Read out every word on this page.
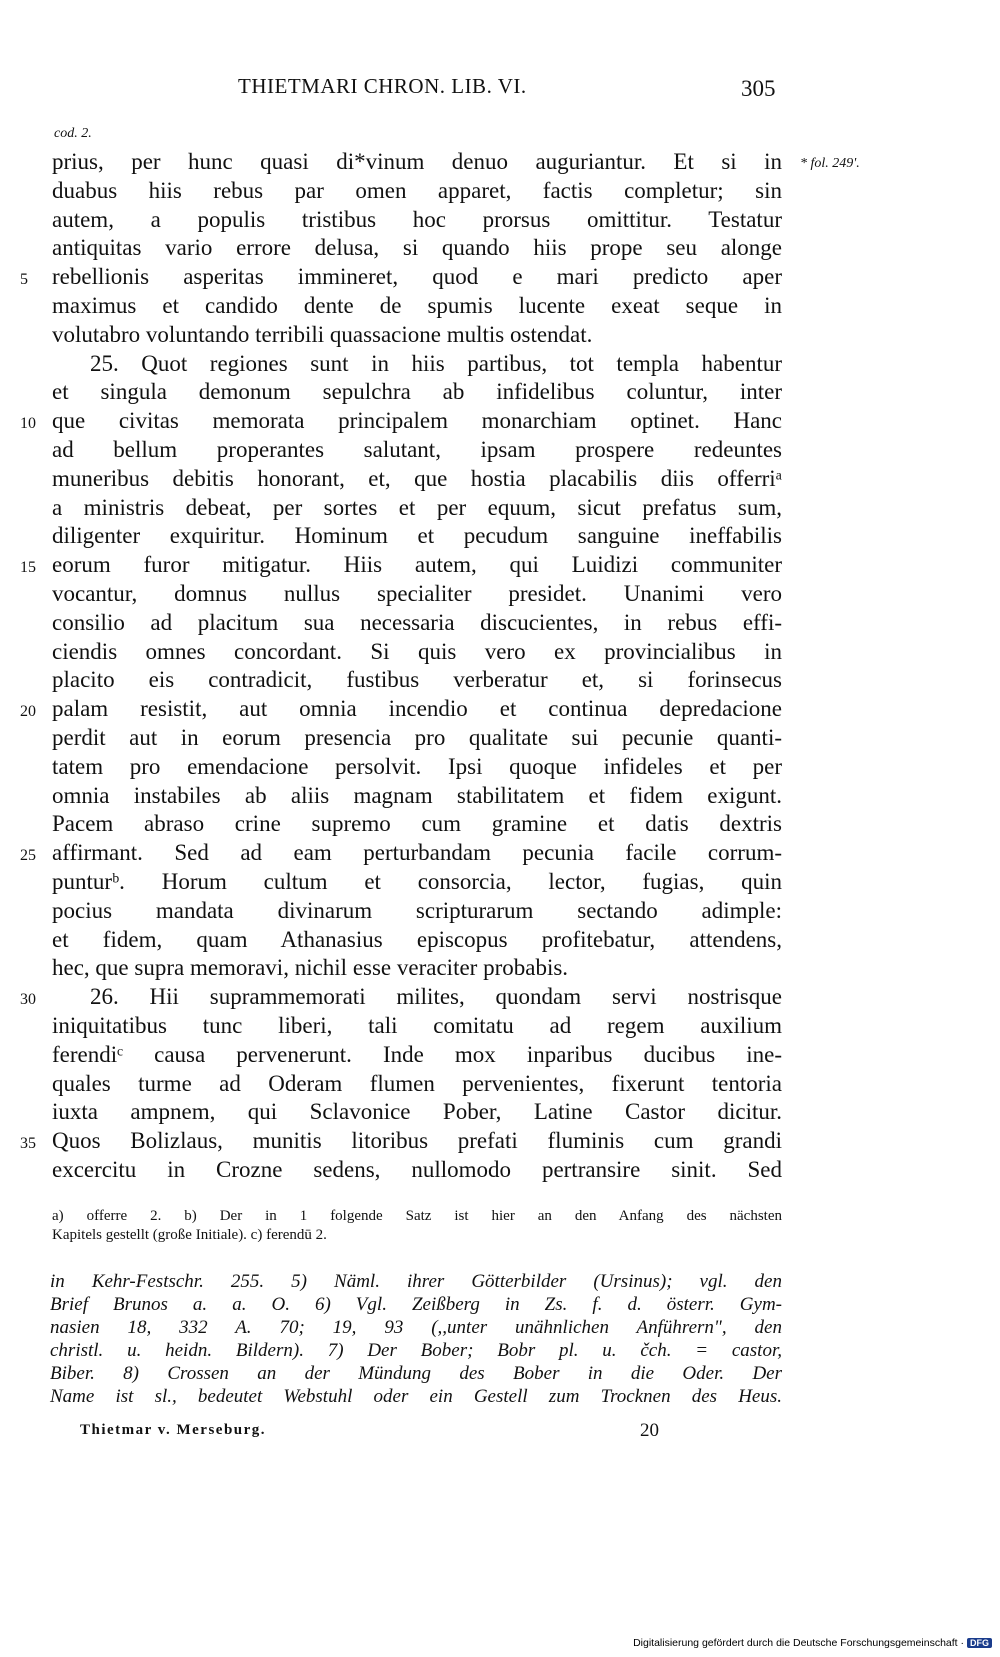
THIETMARI CHRON. LIB. VI.	305
cod. 2.
* fol. 249'.
prius, per hunc quasi di*vinum denuo auguriantur. Et si in
duabus hiis rebus par omen apparet, factis completur; sin
autem, a populis tristibus hoc prorsus omittitur. Testatur
antiquitas vario errore delusa, si quando hiis prope seu alonge
5	rebellionis asperitas immineret, quod e mari predicto aper
maximus et candido dente de spumis lucente exeat seque in
volutabro voluntando terribili quassacione multis ostendat.
25. Quot regiones sunt in hiis partibus, tot templa habentur
et singula demonum sepulchra ab infidelibus coluntur, inter
10 que civitas memorata principalem monarchiam optinet. Hanc
ad bellum properantes salutant, ipsam prospere redeuntes
muneribus debitis honorant, et, que hostia placabilis diis offerriᵃ
a ministris debeat, per sortes et per equum, sicut prefatus sum,
diligenter exquiritur. Hominum et pecudum sanguine ineffabilis
15 eorum furor mitigatur. Hiis autem, qui Luidizi communiter
vocantur, domnus nullus specialiter presidet. Unanimi vero
consilio ad placitum sua necessaria discucientes, in rebus effi-
ciendis omnes concordant. Si quis vero ex provincialibus in
placito eis contradicit, fustibus verberatur et, si forinsecus
20 palam resistit, aut omnia incendio et continua depredacione
perdit aut in eorum presencia pro qualitate sui pecunie quanti-
tatem pro emendacione persolvit. Ipsi quoque infideles et per
omnia instabiles ab aliis magnam stabilitatem et fidem exigunt.
Pacem abraso crine supremo cum gramine et datis dextris
25 affirmant. Sed ad eam perturbandam pecunia facile corrum-
punturᵇ. Horum cultum et consorcia, lector, fugias, quin
pocius mandata divinarum scripturarum sectando adimple:
et fidem, quam Athanasius episcopus profitebatur, attendens,
hec, que supra memoravi, nichil esse veraciter probabis.
30	26. Hii suprammemorati milites, quondam servi nostrisque
iniquitatibus tunc liberi, tali comitatu ad regem auxilium
ferendiᶜ causa pervenerunt. Inde mox inparibus ducibus ine-
quales turme ad Oderam flumen pervenientes, fixerunt tentoria
iuxta ampnem, qui Sclavonice Pober, Latine Castor dicitur.
35 Quos Bolizlaus, munitis litoribus prefati fluminis cum grandi
excercitu in Crozne sedens, nullomodo pertransire sinit. Sed
a) offerre 2. b) Der in 1 folgende Satz ist hier an den Anfang des nächsten
Kapitels gestellt (große Initiale). c) ferendū 2.
in Kehr-Festschr. 255. 5) Näml. ihrer Götterbilder (Ursinus); vgl. den
Brief Brunos a. a. O. 6) Vgl. Zeißberg in Zs. f. d. österr. Gym-
nasien 18, 332 A. 70; 19, 93 (,,unter unähnlichen Anführern", den
christl. u. heidn. Bildern). 7) Der Bober; Bobr pl. u. čch. = castor,
Biber. 8) Crossen an der Mündung des Bober in die Oder. Der
Name ist sl., bedeutet Webstuhl oder ein Gestell zum Trocknen des Heus.
Thietmar v. Merseburg.	20
Digitalisierung gefördert durch die Deutsche Forschungsgemeinschaft · DFG
